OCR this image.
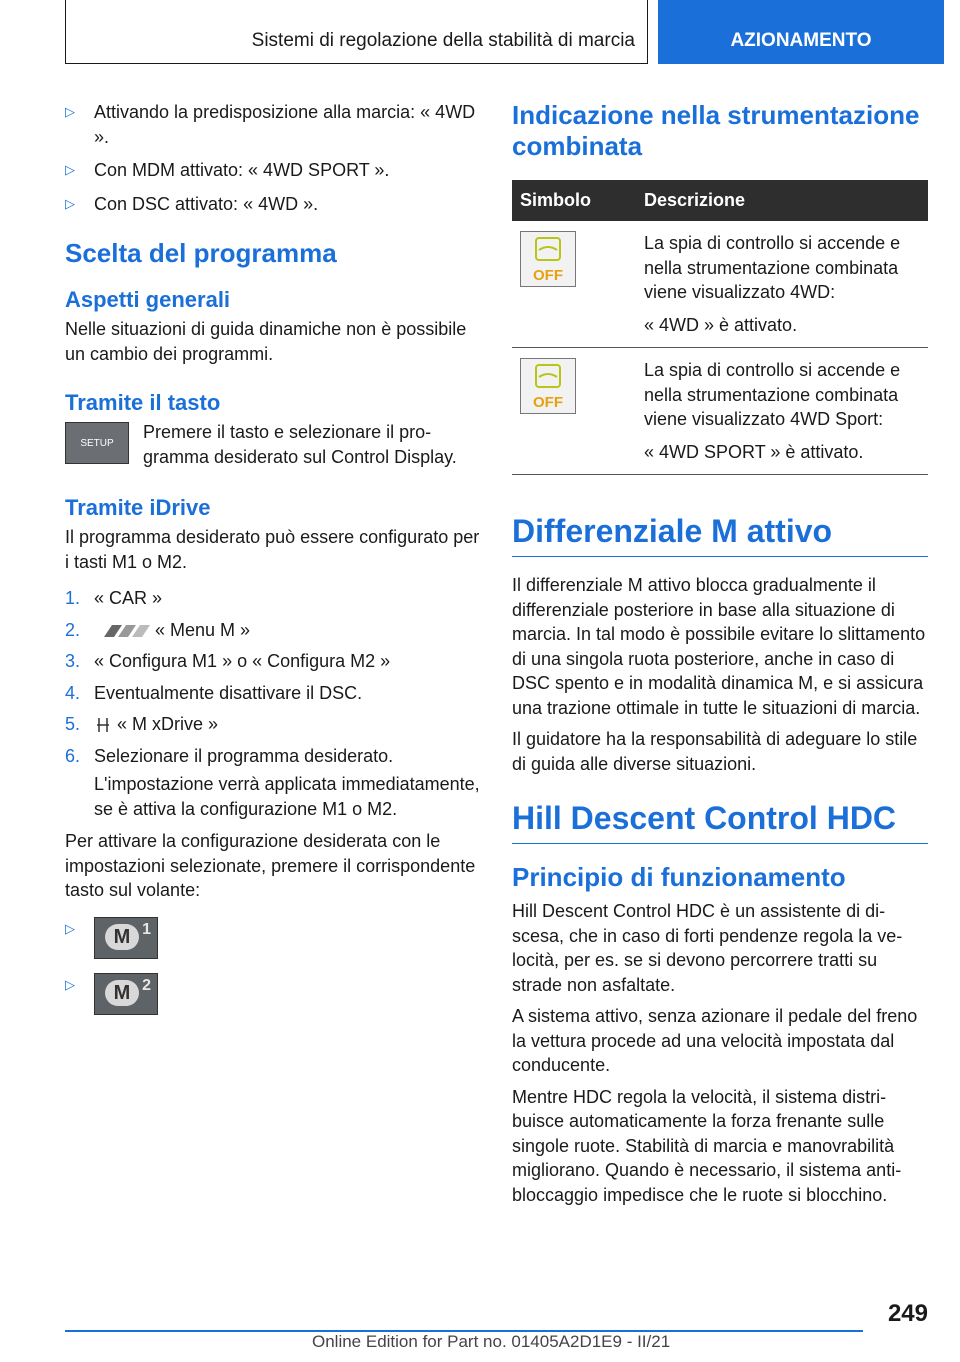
Sistemi di regolazione della stabilità di marcia	AZIONAMENTO
▷ Attivando la predisposizione alla marcia: « 4WD ».
▷ Con MDM attivato: « 4WD SPORT ».
▷ Con DSC attivato: « 4WD ».
Scelta del programma
Aspetti generali

Nelle situazioni di guida dinamiche non è possibile un cambio dei programmi.

Tramite il tasto
SETUP

Premere il tasto e selezionare il programma desiderato sul Control Display.

Tramite iDrive

Il programma desiderato può essere configurato per i tasti M1 o M2.

1. « CAR »
2.	« Menu M »
3. « Configura M1 » o « Configura M2 »
4. Eventualmente disattivare il DSC.
5. « M xDrive »
6. Selezionare il programma desiderato.

L'impostazione verrà applicata immediatamente, se è attiva la configurazione M1 o M2.

Per attivare la configurazione desiderata con le impostazioni selezionate, premere il corrispondente tasto sul volante:

▷	M 1
▷	M 2
Indicazione nella strumentazione combinata
Simbolo	Descrizione

OFF	La spia di controllo si accende e nella strumentazione combinata viene visualizzato 4WD:

« 4WD » è attivato.

OFF	La spia di controllo si accende e nella strumentazione combinata viene visualizzato 4WD Sport:

« 4WD SPORT » è attivato.

Differenziale M attivo

Il differenziale M attivo blocca gradualmente il differenziale posteriore in base alla situazione di marcia. In tal modo è possibile evitare lo slittamento di una singola ruota posteriore, anche in caso di DSC spento e in modalità dinamica M, e si assicura una trazione ottimale in tutte le situazioni di marcia.

Il guidatore ha la responsabilità di adeguare lo stile di guida alle diverse situazioni.

Hill Descent Control HDC
Principio di funzionamento

Hill Descent Control HDC è un assistente di discesa, che in caso di forti pendenze regola la velocità, per es. se si devono percorrere tratti su strade non asfaltate.

A sistema attivo, senza azionare il pedale del freno la vettura procede ad una velocità impostata dal conducente.

Mentre HDC regola la velocità, il sistema distribuisce automaticamente la forza frenante sulle singole ruote. Stabilità di marcia e manovrabilità migliorano. Quando è necessario, il sistema antibloccaggio impedisce che le ruote si blocchino.

249
Online Edition for Part no. 01405A2D1E9 - II/21
